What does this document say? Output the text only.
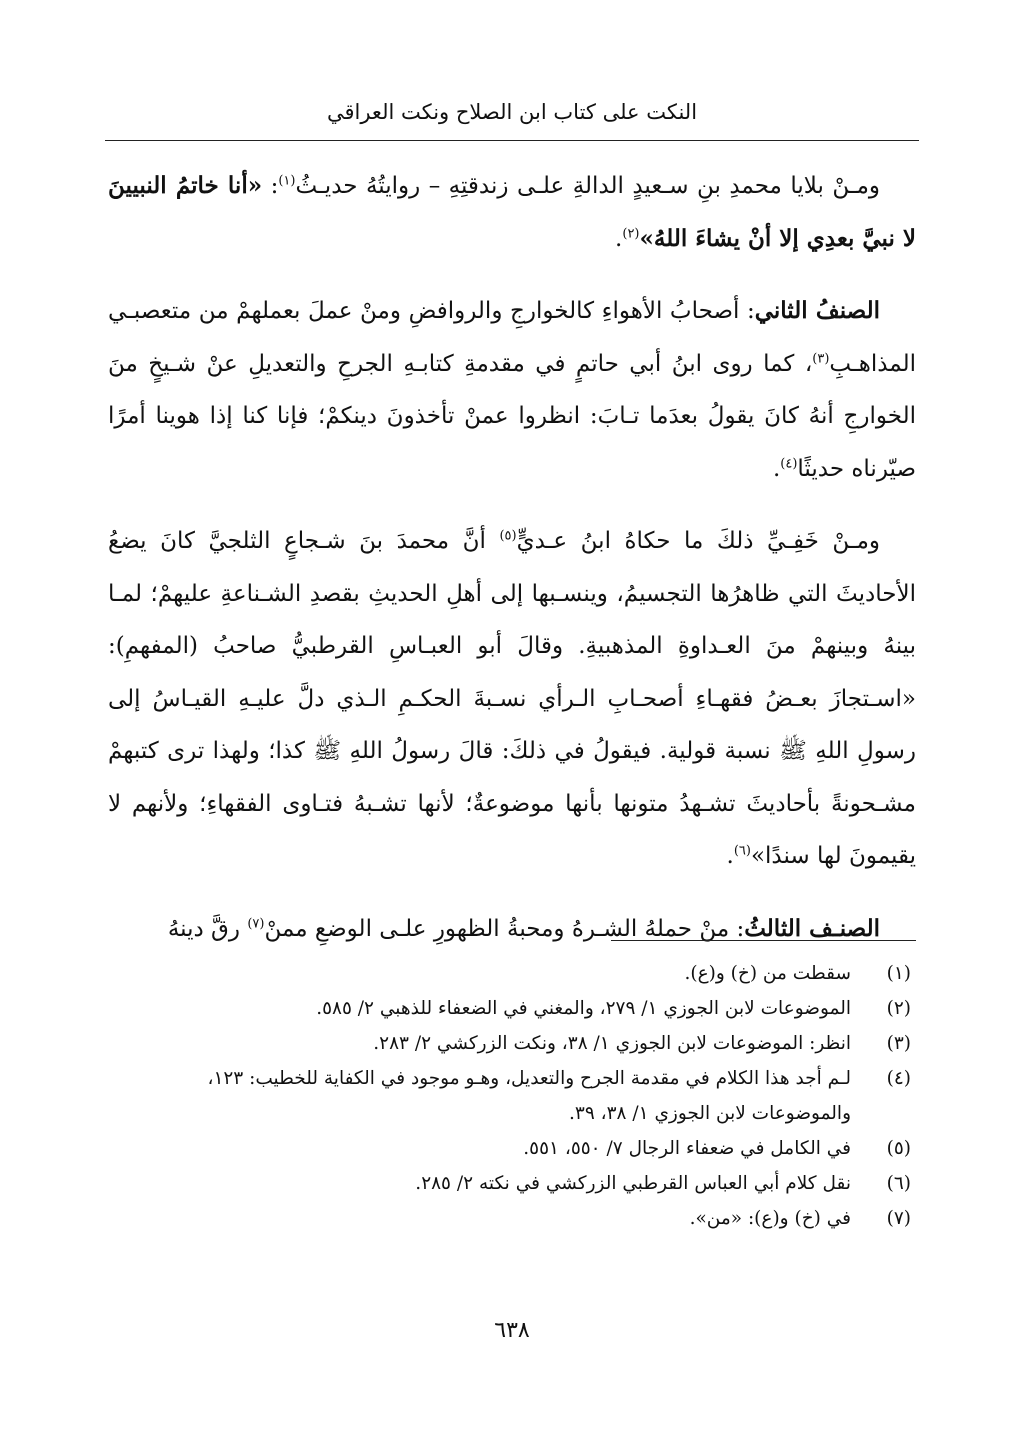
النكت على كتاب ابن الصلاح ونكت العراقي

ومـنْ بلايا محمدِ بنِ سـعيدٍ الدالةِ علـى زندقتِهِ – روايتُهُ حديـثُ$^{(١)}$: «أنا خاتمُ النبيينَ لا نبيَّ بعدِي إلا أنْ يشاءَ اللهُ»$^{(٢)}$.

الصنفُ الثاني: أصحابُ الأهواءِ كالخوارجِ والروافضِ ومنْ عملَ بعملهمْ من متعصبـي المذاهـبِ$^{(٣)}$، كما روى ابنُ أبي حاتمٍ في مقدمةِ كتابـهِ الجرحِ والتعديلِ عنْ شـيخٍ منَ الخوارجِ أنهُ كانَ يقولُ بعدَما تـابَ: انظروا عمنْ تأخذونَ دينكمْ؛ فإنا كنا إذا هوينا أمرًا صيّرناه حديثًا$^{(٤)}$.

ومـنْ خَفِـيِّ ذلكَ ما حكاهُ ابنُ عـديٍّ$^{(٥)}$ أنَّ محمدَ بنَ شـجاعٍ الثلجيَّ كانَ يضعُ الأحاديثَ التي ظاهرُها التجسيمُ، وينسـبها إلى أهلِ الحديثِ بقصدِ الشـناعةِ عليهمْ؛ لمـا بينهُ وبينهمْ منَ العـداوةِ المذهبيةِ. وقالَ أبو العبـاسِ القرطبيُّ صاحبُ (المفهمِ): «اسـتجازَ بعـضُ فقهـاءِ أصحـابِ الـرأي نسـبةَ الحكـمِ الـذي دلَّ عليـهِ القيـاسُ إلى رسولِ اللهِ ﷺ نسبة قولية. فيقولُ في ذلكَ: قالَ رسولُ اللهِ ﷺ كذا؛ ولهذا ترى كتبهمْ مشـحونةً بأحاديثَ تشـهدُ متونها بأنها موضوعةٌ؛ لأنها تشـبهُ فتـاوى الفقهاءِ؛ ولأنهم لا يقيمونَ لها سندًا»$^{(٦)}$.

الصنـف الثالثُ: منْ حملهُ الشـرهُ ومحبةُ الظهورِ علـى الوضعِ ممنْ$^{(٧)}$ رقَّ دينهُ

(١)
سقطت من (خ) و(ع).
(٢)
الموضوعات لابن الجوزي ١/ ٢٧٩، والمغني في الضعفاء للذهبي ٢/ ٥٨٥.
(٣)
انظر: الموضوعات لابن الجوزي ١/ ٣٨، ونكت الزركشي ٢/ ٢٨٣.
(٤)
لـم أجد هذا الكلام في مقدمة الجرح والتعديل، وهـو موجود في الكفاية للخطيب: ١٢٣، والموضوعات لابن الجوزي ١/ ٣٨، ٣٩.
(٥)
في الكامل في ضعفاء الرجال ٧/ ٥٥٠، ٥٥١.
(٦)
نقل كلام أبي العباس القرطبي الزركشي في نكته ٢/ ٢٨٥.
(٧)
في (خ) و(ع): «من».
٦٣٨
